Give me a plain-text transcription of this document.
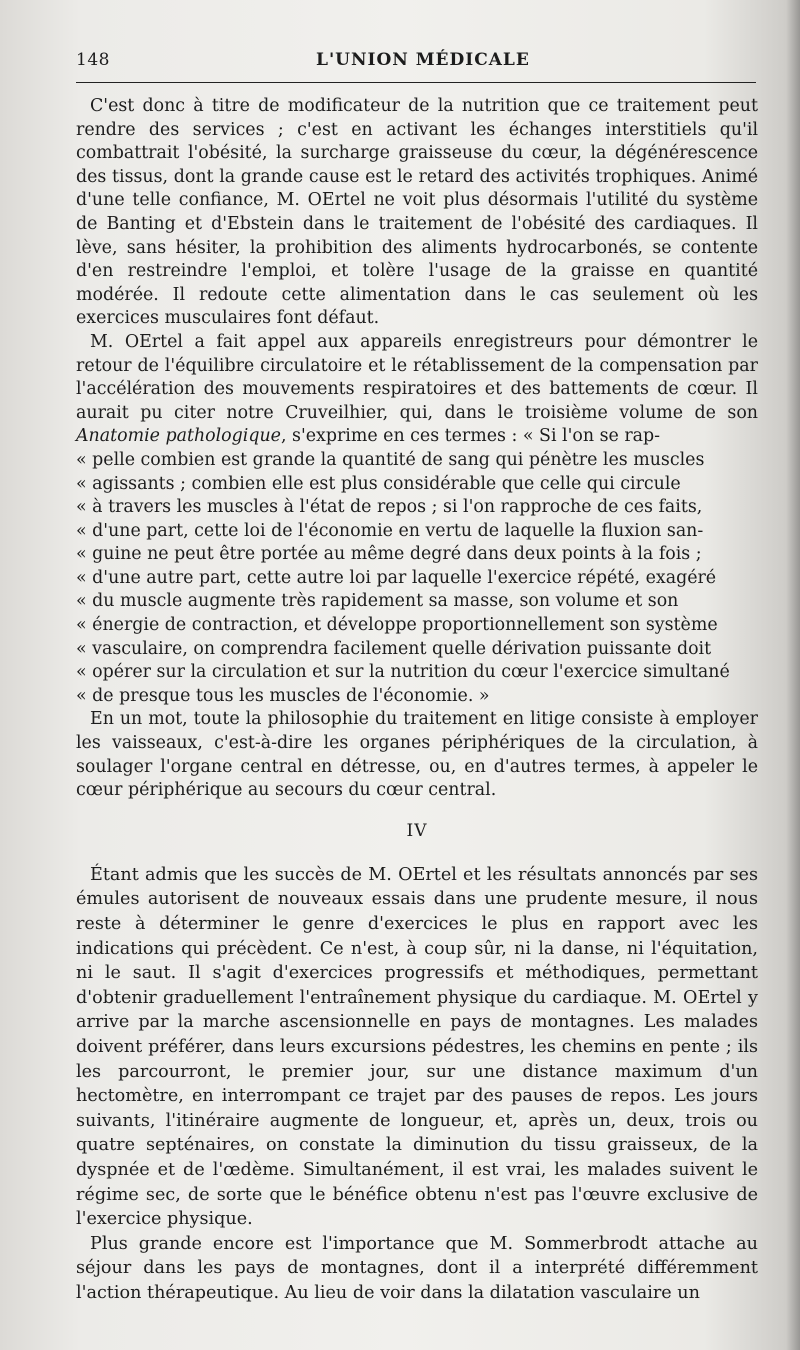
148	L'UNION MÉDICALE

C'est donc à titre de modificateur de la nutrition que ce traitement peut rendre des services ; c'est en activant les échanges interstitiels qu'il combattrait l'obésité, la surcharge graisseuse du cœur, la dégénérescence des tissus, dont la grande cause est le retard des activités trophiques. Animé d'une telle confiance, M. OErtel ne voit plus désormais l'utilité du système de Banting et d'Ebstein dans le traitement de l'obésité des cardiaques. Il lève, sans hésiter, la prohibition des aliments hydrocarbonés, se contente d'en restreindre l'emploi, et tolère l'usage de la graisse en quantité modérée. Il redoute cette alimentation dans le cas seulement où les exercices musculaires font défaut.

M. OErtel a fait appel aux appareils enregistreurs pour démontrer le retour de l'équilibre circulatoire et le rétablissement de la compensation par l'accélération des mouvements respiratoires et des battements de cœur. Il aurait pu citer notre Cruveilhier, qui, dans le troisième volume de son Anatomie pathologique, s'exprime en ces termes : « Si l'on se rap-

« pelle combien est grande la quantité de sang qui pénètre les muscles

« agissants ; combien elle est plus considérable que celle qui circule

« à travers les muscles à l'état de repos ; si l'on rapproche de ces faits,

« d'une part, cette loi de l'économie en vertu de laquelle la fluxion san-

« guine ne peut être portée au même degré dans deux points à la fois ;

« d'une autre part, cette autre loi par laquelle l'exercice répété, exagéré

« du muscle augmente très rapidement sa masse, son volume et son

« énergie de contraction, et développe proportionnellement son système

« vasculaire, on comprendra facilement quelle dérivation puissante doit

« opérer sur la circulation et sur la nutrition du cœur l'exercice simultané

« de presque tous les muscles de l'économie. »

En un mot, toute la philosophie du traitement en litige consiste à employer les vaisseaux, c'est-à-dire les organes périphériques de la circulation, à soulager l'organe central en détresse, ou, en d'autres termes, à appeler le cœur périphérique au secours du cœur central.

IV

Étant admis que les succès de M. OErtel et les résultats annoncés par ses émules autorisent de nouveaux essais dans une prudente mesure, il nous reste à déterminer le genre d'exercices le plus en rapport avec les indications qui précèdent. Ce n'est, à coup sûr, ni la danse, ni l'équitation, ni le saut. Il s'agit d'exercices progressifs et méthodiques, permettant d'obtenir graduellement l'entraînement physique du cardiaque. M. OErtel y arrive par la marche ascensionnelle en pays de montagnes. Les malades doivent préférer, dans leurs excursions pédestres, les chemins en pente ; ils les parcourront, le premier jour, sur une distance maximum d'un hectomètre, en interrompant ce trajet par des pauses de repos. Les jours suivants, l'itinéraire augmente de longueur, et, après un, deux, trois ou quatre septénaires, on constate la diminution du tissu graisseux, de la dyspnée et de l'œdème. Simultanément, il est vrai, les malades suivent le régime sec, de sorte que le bénéfice obtenu n'est pas l'œuvre exclusive de l'exercice physique.

Plus grande encore est l'importance que M. Sommerbrodt attache au séjour dans les pays de montagnes, dont il a interprété différemment l'action thérapeutique. Au lieu de voir dans la dilatation vasculaire un
